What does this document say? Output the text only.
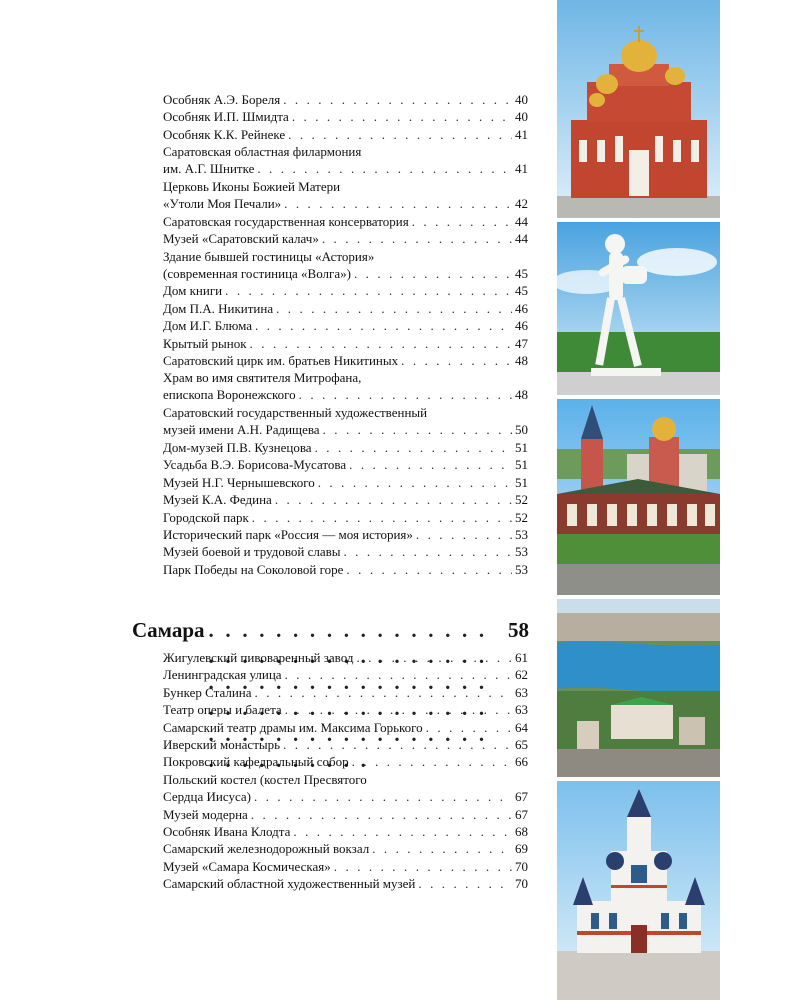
Особняк А.Э. Бореля . . .	40
Особняк И.П. Шмидта . . .	40
Особняк К.К. Рейнеке . . .	41
Саратовская областная филармония
им. А.Г. Шнитке . . .	41
Церковь Иконы Божией Матери
«Утоли Моя Печали» . . .	42
Саратовская государственная консерватория . . .	44
Музей «Саратовский калач» . . .	44
Здание бывшей гостиницы «Астория»
(современная гостиница «Волга») . . .	45
Дом книги . . .	45
Дом П.А. Никитина . . .	46
Дом И.Г. Блюма . . .	46
Крытый рынок . . .	47
Саратовский цирк им. братьев Никитиных . . .	48
Храм во имя святителя Митрофана,
епископа Воронежского . . .	48
Саратовский государственный художественный
музей имени А.Н. Радищева . . .	50
Дом-музей П.В. Кузнецова . . .	51
Усадьба В.Э. Борисова-Мусатова . . .	51
Музей Н.Г. Чернышевского . . .	51
Музей К.А. Федина . . .	52
Городской парк . . .	52
Исторический парк «Россия — моя история» . . .	53
Музей боевой и трудовой славы . . .	53
Парк Победы на Соколовой горе . . .	53
Самара . . .	58
Жигулевский пивоваренный завод . . .	61
Ленинградская улица . . .	62
Бункер Сталина . . .	63
Театр оперы и балета . . .	63
Самарский театр драмы им. Максима Горького . . .	64
Иверский монастырь . . .	65
Покровский кафедральный собор . . .	66
Польский костел (костел Пресвятого
Сердца Иисуса) . . .	67
Музей модерна . . .	67
Особняк Ивана Клодта . . .	68
Самарский железнодорожный вокзал . . .	69
Музей «Самара Космическая» . . .	70
Самарский областной художественный музей . . .	70
